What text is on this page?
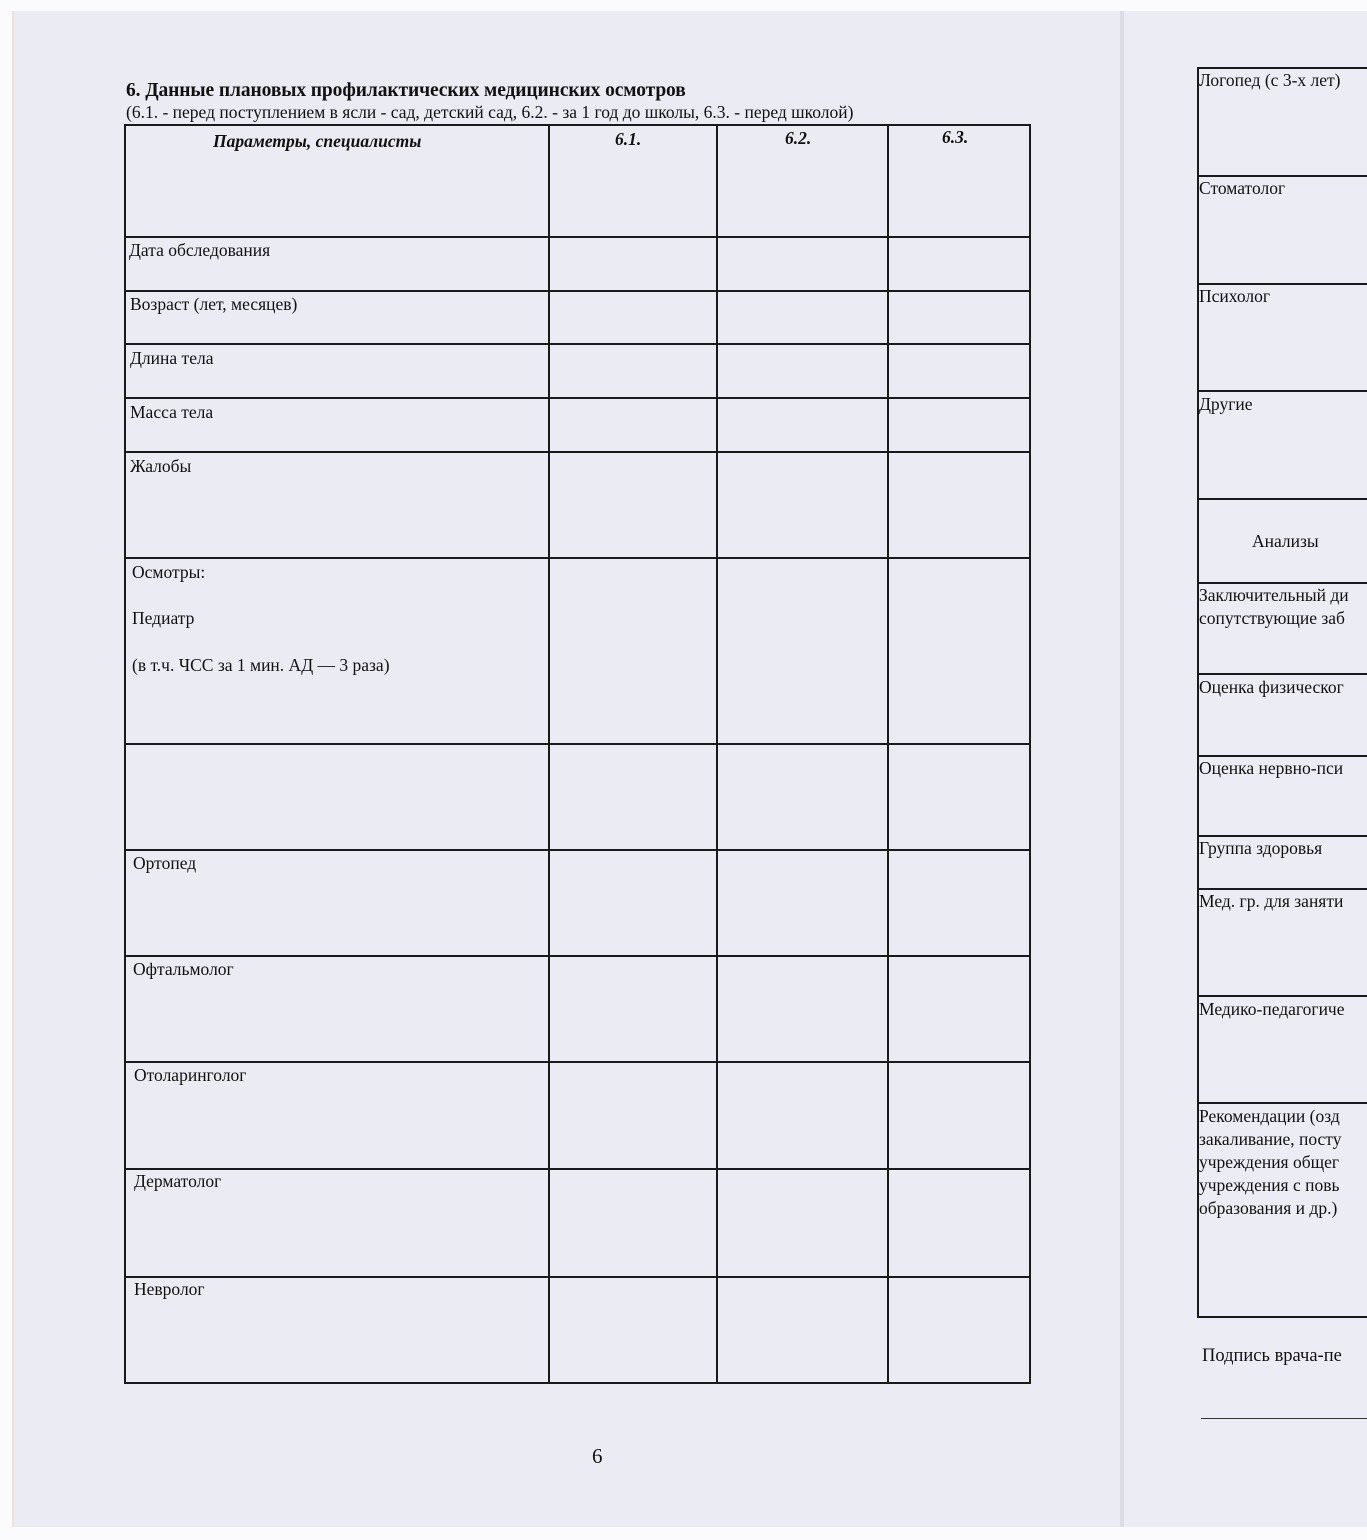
6. Данные плановых профилактических медицинских осмотров
(6.1. - перед поступлением в ясли - сад, детский сад, 6.2. - за 1 год до школы, 6.3. - перед школой)
Параметры, специалисты	6.1.	6.2.	6.3.
Дата обследования
Возраст (лет, месяцев)
Длина тела
Масса тела
Жалобы
Осмотры:
Педиатр
(в т.ч. ЧСС за 1 мин. АД — 3 раза)
Ортопед
Офтальмолог
Отоларинголог
Дерматолог
Невролог
6
Логопед (с 3-х лет)
Стоматолог
Психолог
Другие
Анализы
Заключительный ди
сопутствующие заб
Оценка физическог
Оценка нервно-пси
Группа здоровья
Мед. гр. для заняти
Медико-педагогиче
Рекомендации (озд
закаливание, посту
учреждения общег
учреждения с повь
образования и др.)
Подпись врача-пе
